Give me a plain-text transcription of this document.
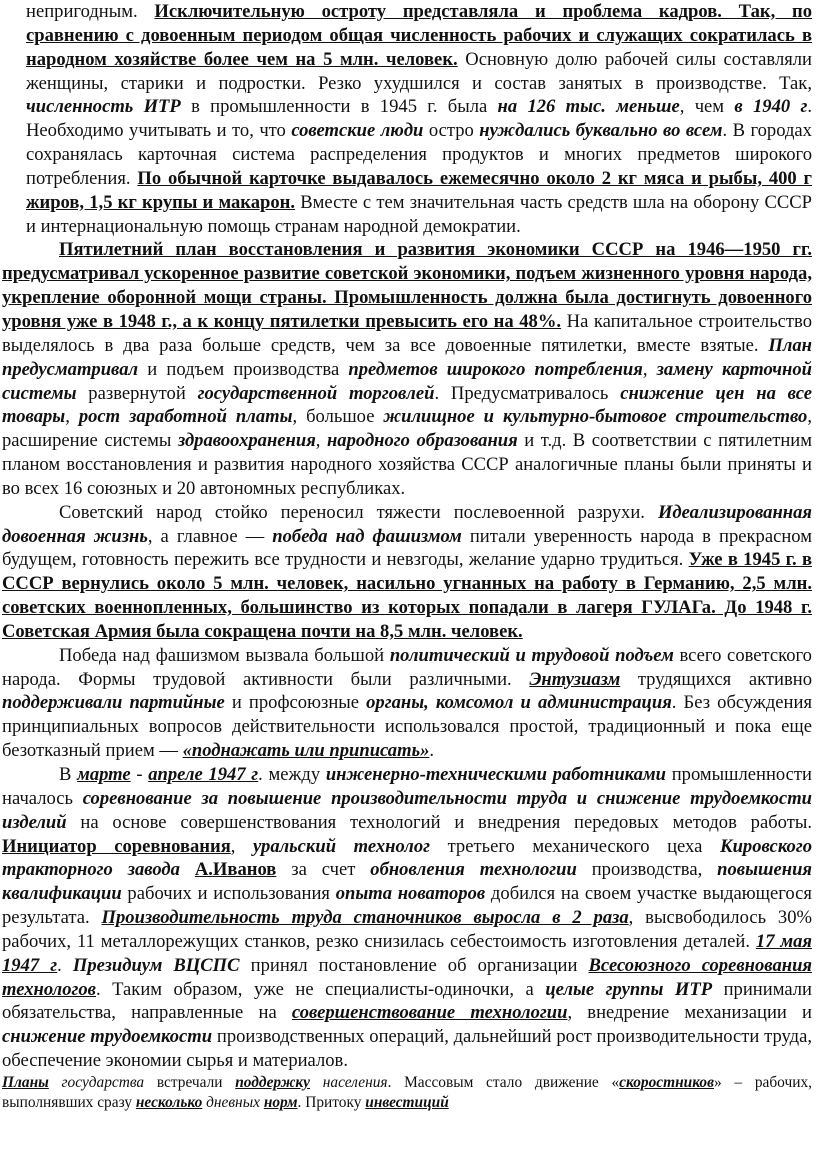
непригодным. Исключительную остроту представляла и проблема кадров. Так, по сравнению с довоенным периодом общая численность рабочих и служащих сократилась в народном хозяйстве более чем на 5 млн. человек. Основную долю рабочей силы составляли женщины, старики и подростки. Резко ухудшился и состав занятых в производстве. Так, численность ИТР в промышленности в 1945 г. была на 126 тыс. меньше, чем в 1940 г. Необходимо учитывать и то, что советские люди остро нуждались буквально во всем. В городах сохранялась карточная система распределения продуктов и многих предметов широкого потребления. По обычной карточке выдавалось ежемесячно около 2 кг мяса и рыбы, 400 г жиров, 1,5 кг крупы и макарон. Вместе с тем значительная часть средств шла на оборону СССР и интернациональную помощь странам народной демократии.

Пятилетний план восстановления и развития экономики СССР на 1946—1950 гг. предусматривал ускоренное развитие советской экономики, подъем жизненного уровня народа, укрепление оборонной мощи страны. Промышленность должна была достигнуть довоенного уровня уже в 1948 г., а к концу пятилетки превысить его на 48%. На капитальное строительство выделялось в два раза больше средств, чем за все довоенные пятилетки, вместе взятые. План предусматривал и подъем производства предметов широкого потребления, замену карточной системы развернутой государственной торговлей. Предусматривалось снижение цен на все товары, рост заработной платы, большое жилищное и культурно-бытовое строительство, расширение системы здравоохранения, народного образования и т.д. В соответствии с пятилетним планом восстановления и развития народного хозяйства СССР аналогичные планы были приняты и во всех 16 союзных и 20 автономных республиках.

Советский народ стойко переносил тяжести послевоенной разрухи. Идеализированная довоенная жизнь, а главное — победа над фашизмом питали уверенность народа в прекрасном будущем, готовность пережить все трудности и невзгоды, желание ударно трудиться. Уже в 1945 г. в СССР вернулись около 5 млн. человек, насильно угнанных на работу в Германию, 2,5 млн. советских военнопленных, большинство из которых попадали в лагеря ГУЛАГа. До 1948 г. Советская Армия была сокращена почти на 8,5 млн. человек.

Победа над фашизмом вызвала большой политический и трудовой подъем всего советского народа. Формы трудовой активности были различными. Энтузиазм трудящихся активно поддерживали партийные и профсоюзные органы, комсомол и администрация. Без обсуждения принципиальных вопросов действительности использовался простой, традиционный и пока еще безотказный прием — «поднажать или приписать».

В марте - апреле 1947 г. между инженерно-техническими работниками промышленности началось соревнование за повышение производительности труда и снижение трудоемкости изделий на основе совершенствования технологий и внедрения передовых методов работы. Инициатор соревнования, уральский технолог третьего механического цеха Кировского тракторного завода А.Иванов за счет обновления технологии производства, повышения квалификации рабочих и использования опыта новаторов добился на своем участке выдающегося результата. Производительность труда станочников выросла в 2 раза, высвободилось 30% рабочих, 11 металлорежущих станков, резко снизилась себестоимость изготовления деталей. 17 мая 1947 г. Президиум ВЦСПС принял постановление об организации Всесоюзного соревнования технологов. Таким образом, уже не специалисты-одиночки, а целые группы ИТР принимали обязательства, направленные на совершенствование технологии, внедрение механизации и снижение трудоемкости производственных операций, дальнейший рост производительности труда, обеспечение экономии сырья и материалов.

Планы государства встречали поддержку населения. Массовым стало движение «скоростников» – рабочих, выполнявших сразу несколько дневных норм. Притоку инвестиций
